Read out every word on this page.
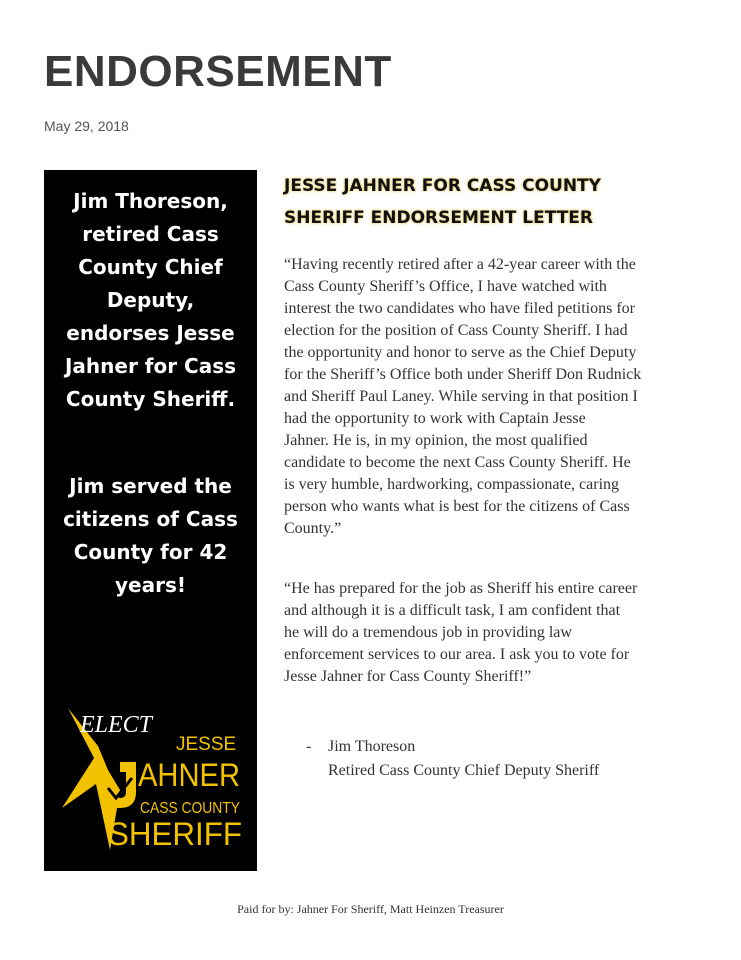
ENDORSEMENT
May 29, 2018
Jim Thoreson,
retired Cass
County Chief
Deputy,
endorses Jesse
Jahner for Cass
County Sheriff.
Jim served the
citizens of Cass
County for 42
years!
ELECT
JESSE
AHNER
CASS COUNTY
SHERIFF
JESSE JAHNER FOR CASS COUNTY
SHERIFF ENDORSEMENT LETTER
“Having recently retired after a 42-year career with the
Cass County Sheriff’s Office, I have watched with
interest the two candidates who have filed petitions for
election for the position of Cass County Sheriff. I had
the opportunity and honor to serve as the Chief Deputy
for the Sheriff’s Office both under Sheriff Don Rudnick
and Sheriff Paul Laney. While serving in that position I
had the opportunity to work with Captain Jesse
Jahner. He is, in my opinion, the most qualified
candidate to become the next Cass County Sheriff. He
is very humble, hardworking, compassionate, caring
person who wants what is best for the citizens of Cass
County.”
“He has prepared for the job as Sheriff his entire career
and although it is a difficult task, I am confident that
he will do a tremendous job in providing law
enforcement services to our area. I ask you to vote for
Jesse Jahner for Cass County Sheriff!”
- Jim Thoreson
Retired Cass County Chief Deputy Sheriff
Paid for by: Jahner For Sheriff, Matt Heinzen Treasurer
